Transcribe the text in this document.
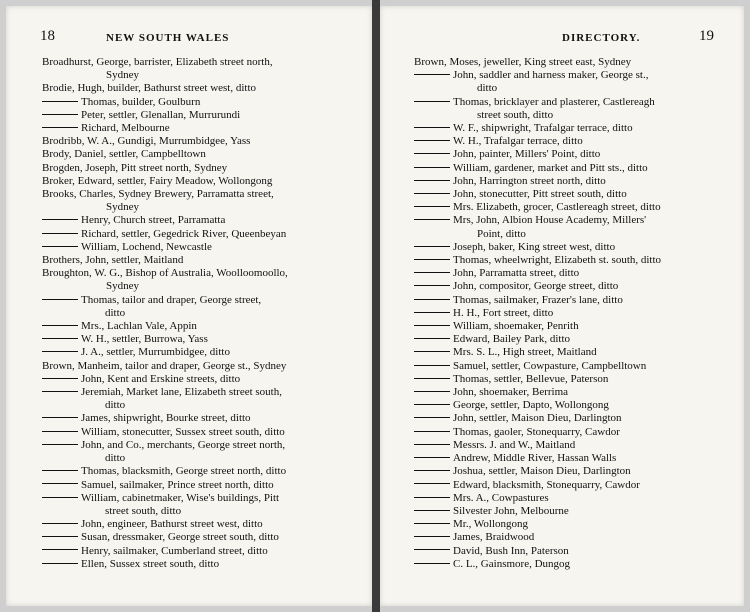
18	NEW SOUTH WALES
Broadhurst, George, barrister, Elizabeth street north,
Sydney
Brodie, Hugh, builder, Bathurst street west, ditto
Thomas, builder, Goulburn
Peter, settler, Glenallan, Murrurundi
Richard, Melbourne
Brodribb, W. A., Gundigi, Murrumbidgee, Yass
Brody, Daniel, settler, Campbelltown
Brogden, Joseph, Pitt street north, Sydney
Broker, Edward, settler, Fairy Meadow, Wollongong
Brooks, Charles, Sydney Brewery, Parramatta street,
Sydney
Henry, Church street, Parramatta
Richard, settler, Gegedrick River, Queenbeyan
William, Lochend, Newcastle
Brothers, John, settler, Maitland
Broughton, W. G., Bishop of Australia, Woolloomoollo,
Sydney
Thomas, tailor and draper, George street,
ditto
Mrs., Lachlan Vale, Appin
W. H., settler, Burrowa, Yass
J. A., settler, Murrumbidgee, ditto
Brown, Manheim, tailor and draper, George st., Sydney
John, Kent and Erskine streets, ditto
Jeremiah, Market lane, Elizabeth street south,
ditto
James, shipwright, Bourke street, ditto
William, stonecutter, Sussex street south, ditto
John, and Co., merchants, George street north,
ditto
Thomas, blacksmith, George street north, ditto
Samuel, sailmaker, Prince street north, ditto
William, cabinetmaker, Wise's buildings, Pitt
street south, ditto
John, engineer, Bathurst street west, ditto
Susan, dressmaker, George street south, ditto
Henry, sailmaker, Cumberland street, ditto
Ellen, Sussex street south, ditto
DIRECTORY.	19
Brown, Moses, jeweller, King street east, Sydney
John, saddler and harness maker, George st.,
ditto
Thomas, bricklayer and plasterer, Castlereagh
street south, ditto
W. F., shipwright, Trafalgar terrace, ditto
W. H., Trafalgar terrace, ditto
John, painter, Millers' Point, ditto
William, gardener, market and Pitt sts., ditto
John, Harrington street north, ditto
John, stonecutter, Pitt street south, ditto
Mrs. Elizabeth, grocer, Castlereagh street, ditto
Mrs, John, Albion House Academy, Millers'
Point, ditto
Joseph, baker, King street west, ditto
Thomas, wheelwright, Elizabeth st. south, ditto
John, Parramatta street, ditto
John, compositor, George street, ditto
Thomas, sailmaker, Frazer's lane, ditto
H. H., Fort street, ditto
William, shoemaker, Penrith
Edward, Bailey Park, ditto
Mrs. S. L., High street, Maitland
Samuel, settler, Cowpasture, Campbelltown
Thomas, settler, Bellevue, Paterson
John, shoemaker, Berrima
George, settler, Dapto, Wollongong
John, settler, Maison Dieu, Darlington
Thomas, gaoler, Stonequarry, Cawdor
Messrs. J. and W., Maitland
Andrew, Middle River, Hassan Walls
Joshua, settler, Maison Dieu, Darlington
Edward, blacksmith, Stonequarry, Cawdor
Mrs. A., Cowpastures
Silvester John, Melbourne
Mr., Wollongong
James, Braidwood
David, Bush Inn, Paterson
C. L., Gainsmore, Dungog
